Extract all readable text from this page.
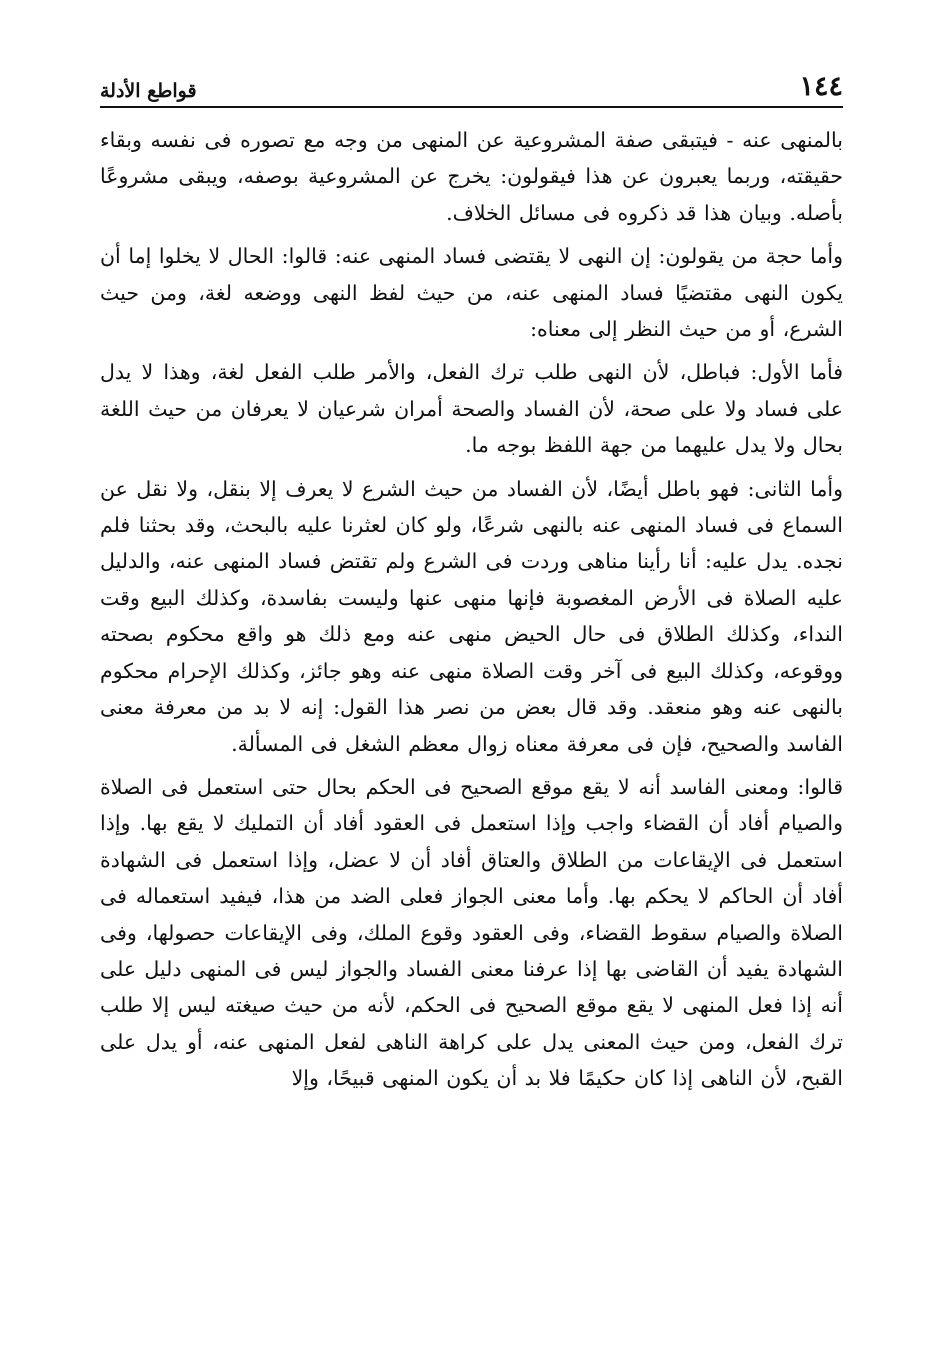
١٤٤
قواطع الأدلة

بالمنهى عنه - فيتبقى صفة المشروعية عن المنهى من وجه مع تصوره فى نفسه وبقاء حقيقته، وربما يعبرون عن هذا فيقولون: يخرج عن المشروعية بوصفه، ويبقى مشروعًا بأصله. وبيان هذا قد ذكروه فى مسائل الخلاف.

وأما حجة من يقولون: إن النهى لا يقتضى فساد المنهى عنه: قالوا: الحال لا يخلوا إما أن يكون النهى مقتضيًا فساد المنهى عنه، من حيث لفظ النهى ووضعه لغة، ومن حيث الشرع، أو من حيث النظر إلى معناه:

فأما الأول: فباطل، لأن النهى طلب ترك الفعل، والأمر طلب الفعل لغة، وهذا لا يدل على فساد ولا على صحة، لأن الفساد والصحة أمران شرعيان لا يعرفان من حيث اللغة بحال ولا يدل عليهما من جهة اللفظ بوجه ما.

وأما الثانى: فهو باطل أيضًا، لأن الفساد من حيث الشرع لا يعرف إلا بنقل، ولا نقل عن السماع فى فساد المنهى عنه بالنهى شرعًا، ولو كان لعثرنا عليه بالبحث، وقد بحثنا فلم نجده. يدل عليه: أنا رأينا مناهى وردت فى الشرع ولم تقتض فساد المنهى عنه، والدليل عليه الصلاة فى الأرض المغصوبة فإنها منهى عنها وليست بفاسدة، وكذلك البيع وقت النداء، وكذلك الطلاق فى حال الحيض منهى عنه ومع ذلك هو واقع محكوم بصحته ووقوعه، وكذلك البيع فى آخر وقت الصلاة منهى عنه وهو جائز، وكذلك الإحرام محكوم بالنهى عنه وهو منعقد. وقد قال بعض من نصر هذا القول: إنه لا بد من معرفة معنى الفاسد والصحيح، فإن فى معرفة معناه زوال معظم الشغل فى المسألة.

قالوا: ومعنى الفاسد أنه لا يقع موقع الصحيح فى الحكم بحال حتى استعمل فى الصلاة والصيام أفاد أن القضاء واجب وإذا استعمل فى العقود أفاد أن التمليك لا يقع بها. وإذا استعمل فى الإيقاعات من الطلاق والعتاق أفاد أن لا عضل، وإذا استعمل فى الشهادة أفاد أن الحاكم لا يحكم بها. وأما معنى الجواز فعلى الضد من هذا، فيفيد استعماله فى الصلاة والصيام سقوط القضاء، وفى العقود وقوع الملك، وفى الإيقاعات حصولها، وفى الشهادة يفيد أن القاضى بها إذا عرفنا معنى الفساد والجواز ليس فى المنهى دليل على أنه إذا فعل المنهى لا يقع موقع الصحيح فى الحكم، لأنه من حيث صيغته ليس إلا طلب ترك الفعل، ومن حيث المعنى يدل على كراهة الناهى لفعل المنهى عنه، أو يدل على القبح، لأن الناهى إذا كان حكيمًا فلا بد أن يكون المنهى قبيحًا، وإلا
